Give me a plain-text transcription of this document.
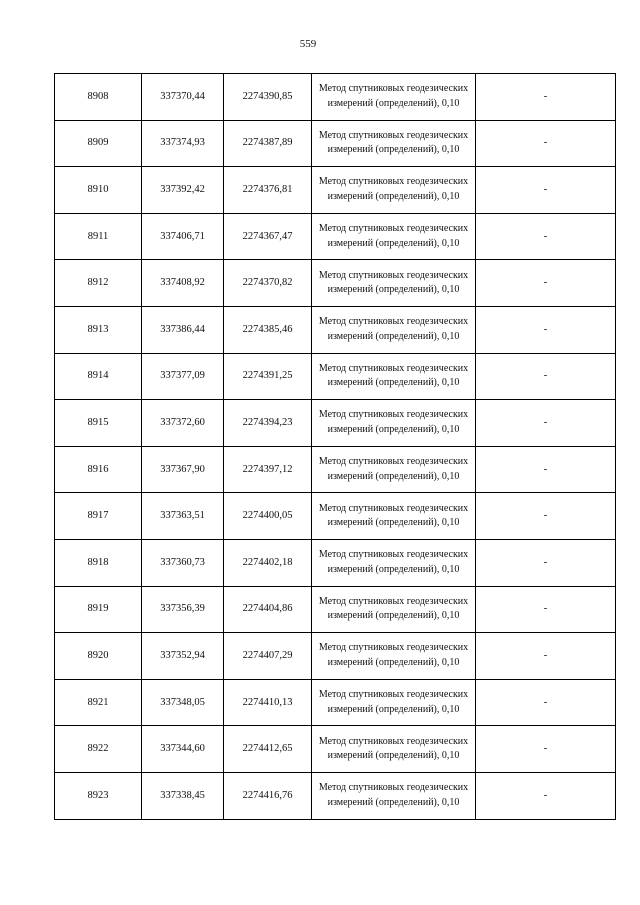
559
8908	337370,44	2274390,85	Метод спутниковых геодезических измерений (определений), 0,10	-
8909	337374,93	2274387,89	Метод спутниковых геодезических измерений (определений), 0,10	-
8910	337392,42	2274376,81	Метод спутниковых геодезических измерений (определений), 0,10	-
8911	337406,71	2274367,47	Метод спутниковых геодезических измерений (определений), 0,10	-
8912	337408,92	2274370,82	Метод спутниковых геодезических измерений (определений), 0,10	-
8913	337386,44	2274385,46	Метод спутниковых геодезических измерений (определений), 0,10	-
8914	337377,09	2274391,25	Метод спутниковых геодезических измерений (определений), 0,10	-
8915	337372,60	2274394,23	Метод спутниковых геодезических измерений (определений), 0,10	-
8916	337367,90	2274397,12	Метод спутниковых геодезических измерений (определений), 0,10	-
8917	337363,51	2274400,05	Метод спутниковых геодезических измерений (определений), 0,10	-
8918	337360,73	2274402,18	Метод спутниковых геодезических измерений (определений), 0,10	-
8919	337356,39	2274404,86	Метод спутниковых геодезических измерений (определений), 0,10	-
8920	337352,94	2274407,29	Метод спутниковых геодезических измерений (определений), 0,10	-
8921	337348,05	2274410,13	Метод спутниковых геодезических измерений (определений), 0,10	-
8922	337344,60	2274412,65	Метод спутниковых геодезических измерений (определений), 0,10	-
8923	337338,45	2274416,76	Метод спутниковых геодезических измерений (определений), 0,10	-
